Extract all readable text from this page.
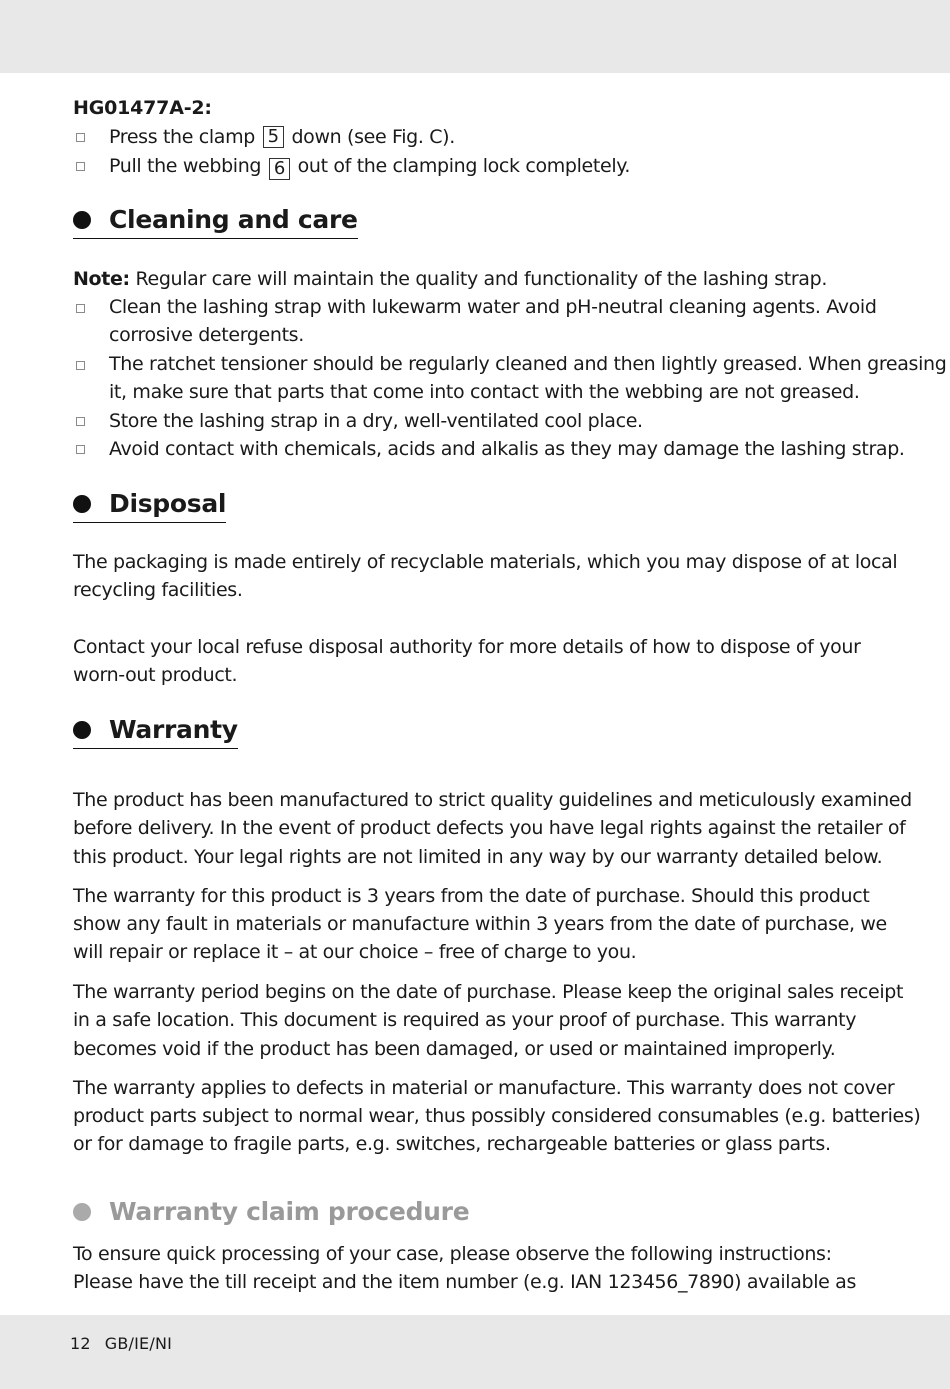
HG01477A-2:
Press the clamp 5 down (see Fig. C).
Pull the webbing 6 out of the clamping lock completely.
Cleaning and care
Note: Regular care will maintain the quality and functionality of the lashing strap.
Clean the lashing strap with lukewarm water and pH-neutral cleaning agents. Avoid
corrosive detergents.
The ratchet tensioner should be regularly cleaned and then lightly greased. When greasing
it, make sure that parts that come into contact with the webbing are not greased.
Store the lashing strap in a dry, well-ventilated cool place.
Avoid contact with chemicals, acids and alkalis as they may damage the lashing strap.
Disposal
The packaging is made entirely of recyclable materials, which you may dispose of at local
recycling facilities.
Contact your local refuse disposal authority for more details of how to dispose of your
worn-out product.
Warranty
The product has been manufactured to strict quality guidelines and meticulously examined
before delivery. In the event of product defects you have legal rights against the retailer of
this product. Your legal rights are not limited in any way by our warranty detailed below.
The warranty for this product is 3 years from the date of purchase. Should this product
show any fault in materials or manufacture within 3 years from the date of purchase, we
will repair or replace it – at our choice – free of charge to you.
The warranty period begins on the date of purchase. Please keep the original sales receipt
in a safe location. This document is required as your proof of purchase. This warranty
becomes void if the product has been damaged, or used or maintained improperly.
The warranty applies to defects in material or manufacture. This warranty does not cover
product parts subject to normal wear, thus possibly considered consumables (e.g. batteries)
or for damage to fragile parts, e.g. switches, rechargeable batteries or glass parts.
Warranty claim procedure
To ensure quick processing of your case, please observe the following instructions:
Please have the till receipt and the item number (e.g. IAN 123456_7890) available as
12 GB/IE/NI
